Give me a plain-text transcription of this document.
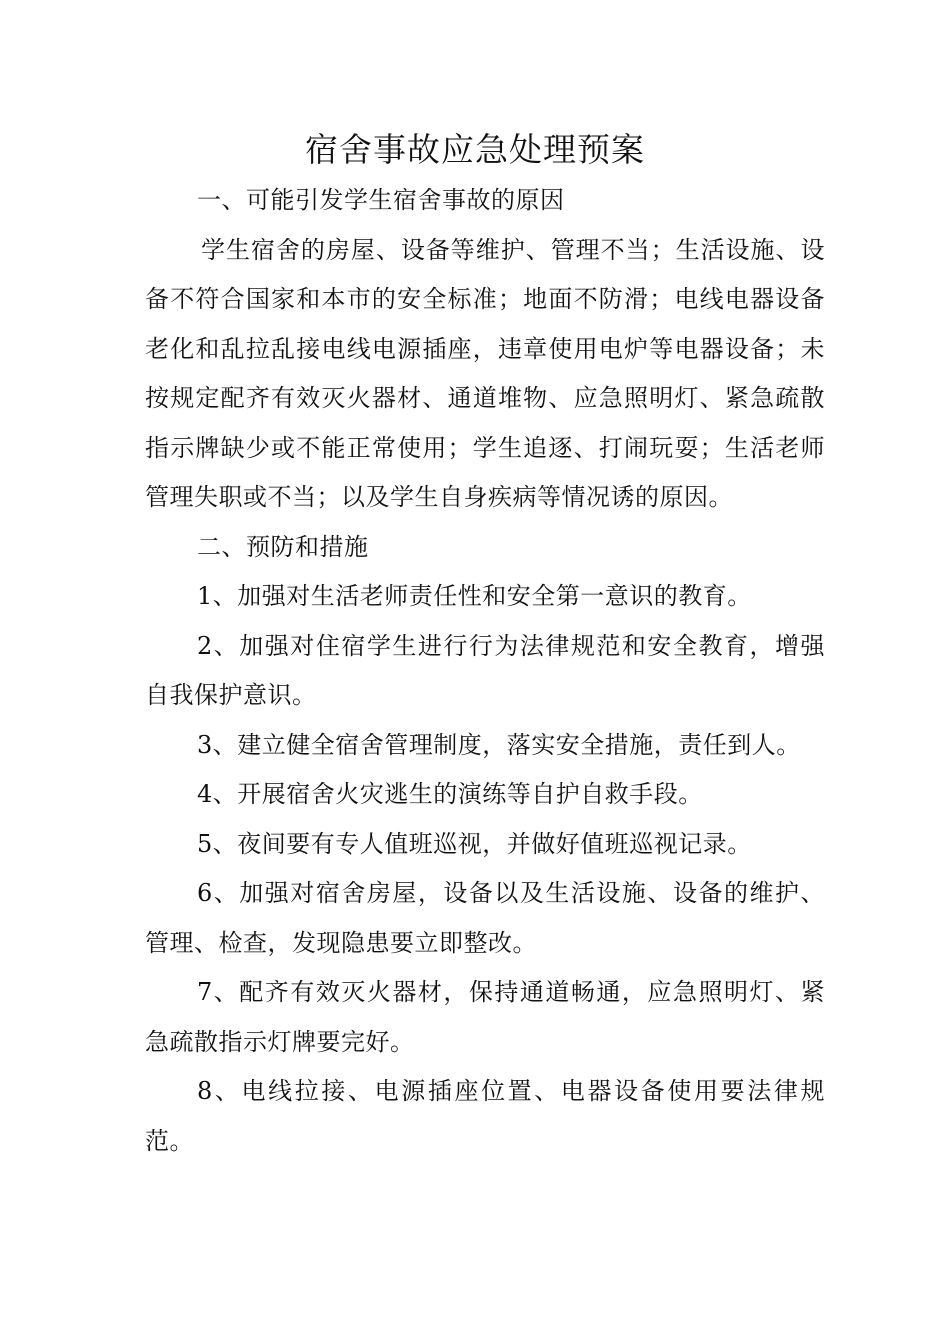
宿舍事故应急处理预案

一、可能引发学生宿舍事故的原因

学生宿舍的房屋、设备等维护、管理不当；生活设施、设备不符合国家和本市的安全标准；地面不防滑；电线电器设备老化和乱拉乱接电线电源插座，违章使用电炉等电器设备；未按规定配齐有效灭火器材、通道堆物、应急照明灯、紧急疏散指示牌缺少或不能正常使用；学生追逐、打闹玩耍；生活老师管理失职或不当；以及学生自身疾病等情况诱的原因。

二、预防和措施

1、加强对生活老师责任性和安全第一意识的教育。

2、加强对住宿学生进行行为法律规范和安全教育，增强自我保护意识。

3、建立健全宿舍管理制度，落实安全措施，责任到人。

4、开展宿舍火灾逃生的演练等自护自救手段。

5、夜间要有专人值班巡视，并做好值班巡视记录。

6、加强对宿舍房屋，设备以及生活设施、设备的维护、管理、检查，发现隐患要立即整改。

7、配齐有效灭火器材，保持通道畅通，应急照明灯、紧急疏散指示灯牌要完好。

8、电线拉接、电源插座位置、电器设备使用要法律规范。
